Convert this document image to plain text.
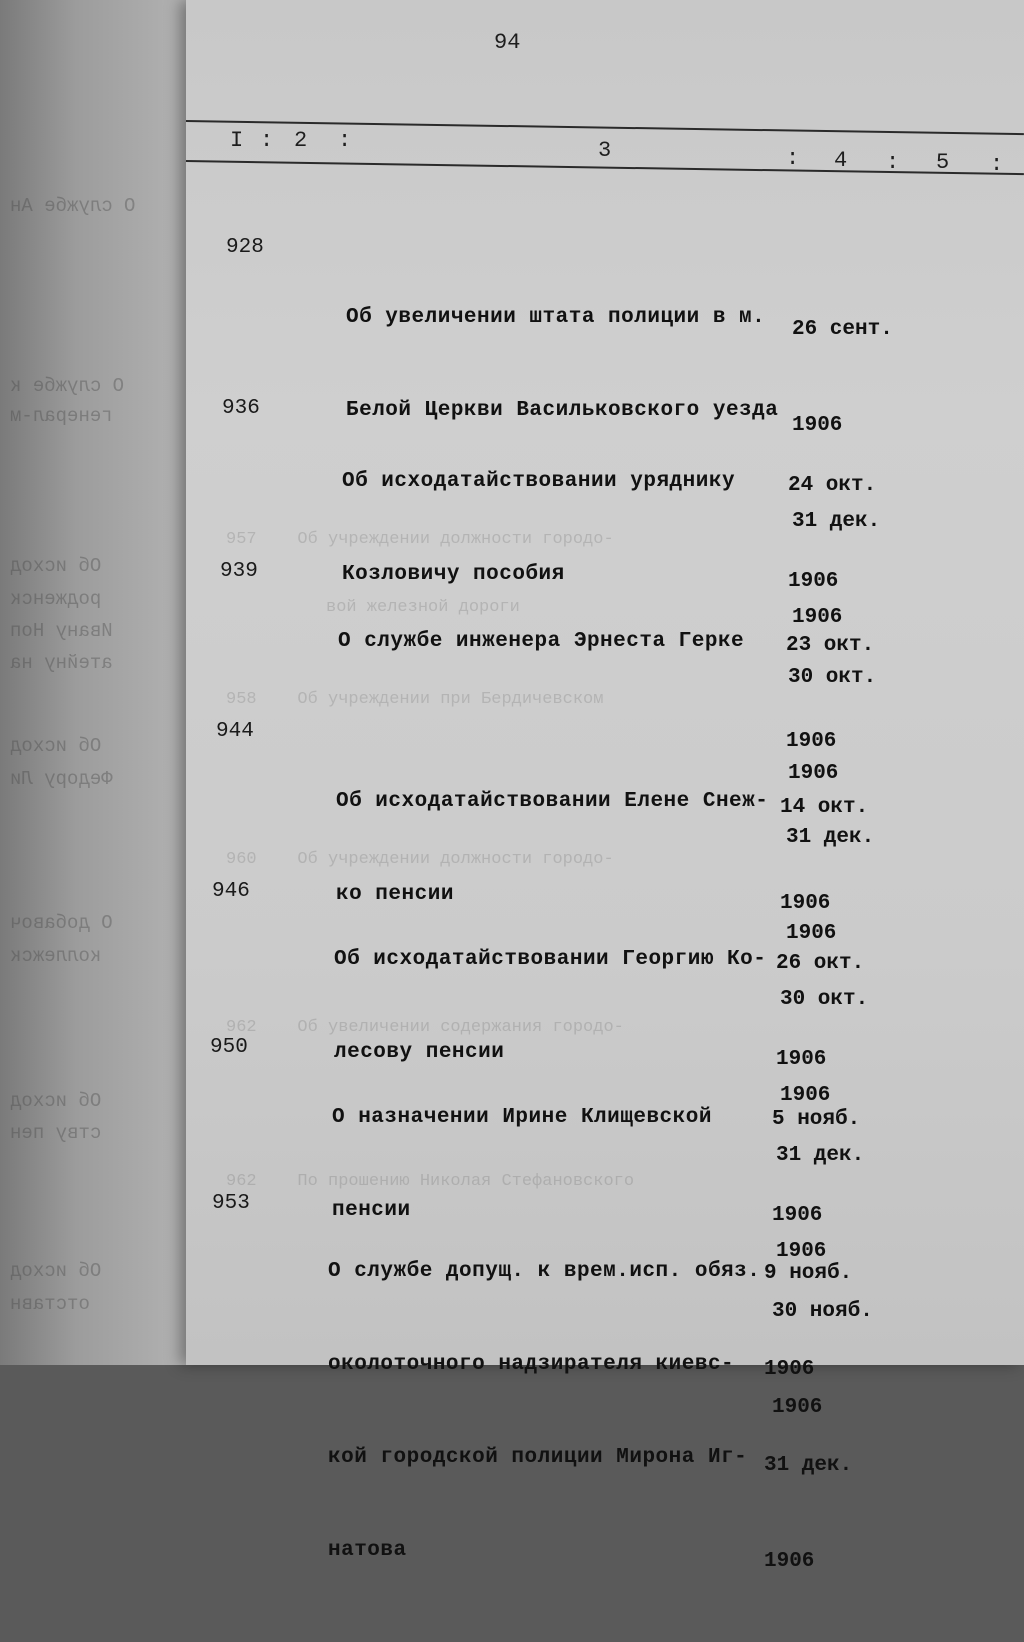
О службе Ан
О службе к
генерал-м
Об исход
родженск
Ивану Ноп
атейну на
Об исход
Федору Ли
О добавоч
коллежск
Об исход
ству пен
Об исход
отставн
957    Об учреждении должности городо-
вой железной дороги
958    Об учреждении при Бердичевском
960    Об учреждении должности городо-
962    Об увеличении содержания городо-
962    По прошению Николая Стефановского
94
I : 2 :	3	: 4 : 5 :
928

Об увеличении штата полиции в м.

Белой Церкви Васильковского уезда

26 сент.

1906

31 дек.

1906

936

Об исходатайствовании уряднику

Козловичу пособия

24 окт.

1906

30 окт.

1906

939

О службе инженера Эрнеста Герке

23 окт.

1906

31 дек.

1906

944

Об исходатайствовании Елене Снеж-

ко пенсии

14 окт.

1906

30 окт.

1906

946

Об исходатайствовании Георгию Ко-

лесову пенсии

26 окт.

1906

31 дек.

1906

950

О назначении Ирине Клищевской

пенсии

5 нояб.

1906

30 нояб.

1906

953

О службе допущ. к врем.исп. обяз.

околоточного надзирателя киевс-

кой городской полиции Мирона Иг-

натова

9 нояб.

1906

31 дек.

1906
